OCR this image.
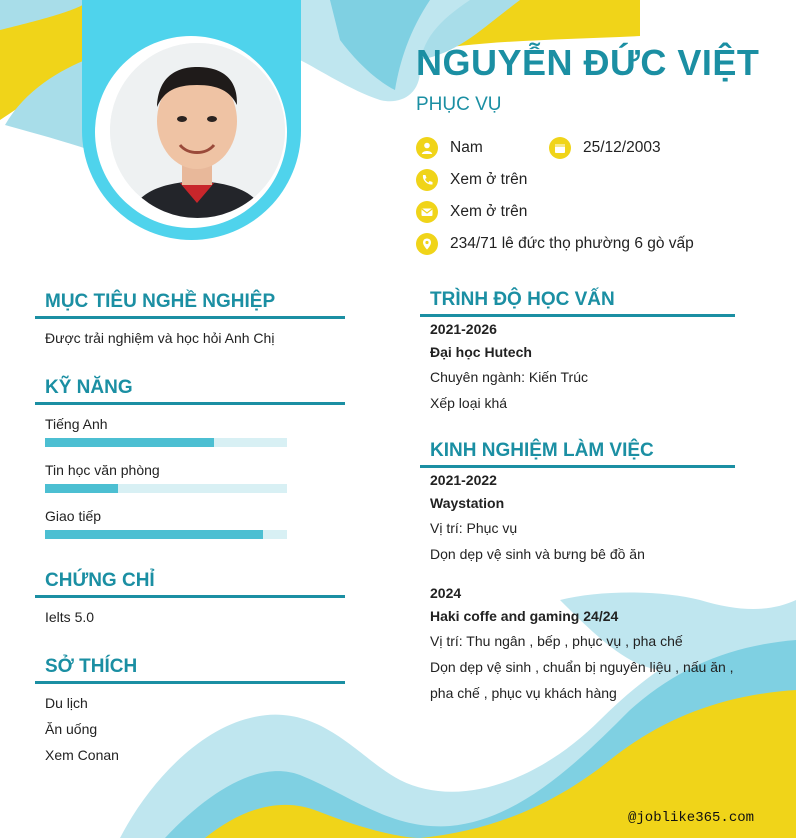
NGUYỄN ĐỨC VIỆT
PHỤC VỤ
Nam	25/12/2003
Xem ở trên
Xem ở trên
234/71 lê đức thọ phường 6 gò vấp
MỤC TIÊU NGHỀ NGHIỆP
Được trải nghiệm và học hỏi Anh Chị
KỸ NĂNG
Tiếng Anh
Tin học văn phòng
Giao tiếp
CHỨNG CHỈ
Ielts 5.0
SỞ THÍCH
Du lịch
Ăn uống
Xem Conan
TRÌNH ĐỘ HỌC VẤN
2021-2026
Đại học Hutech
Chuyên ngành: Kiến Trúc
Xếp loại khá
KINH NGHIỆM LÀM VIỆC
2021-2022
Waystation
Vị trí: Phục vụ
Dọn dẹp vệ sinh và bưng bê đồ ăn
2024
Haki coffe and gaming 24/24
Vị trí: Thu ngân , bếp , phục vụ , pha chế
Dọn dẹp vệ sinh , chuẩn bị nguyên liệu , nấu ăn ,
pha chế , phục vụ khách hàng
@joblike365.com
